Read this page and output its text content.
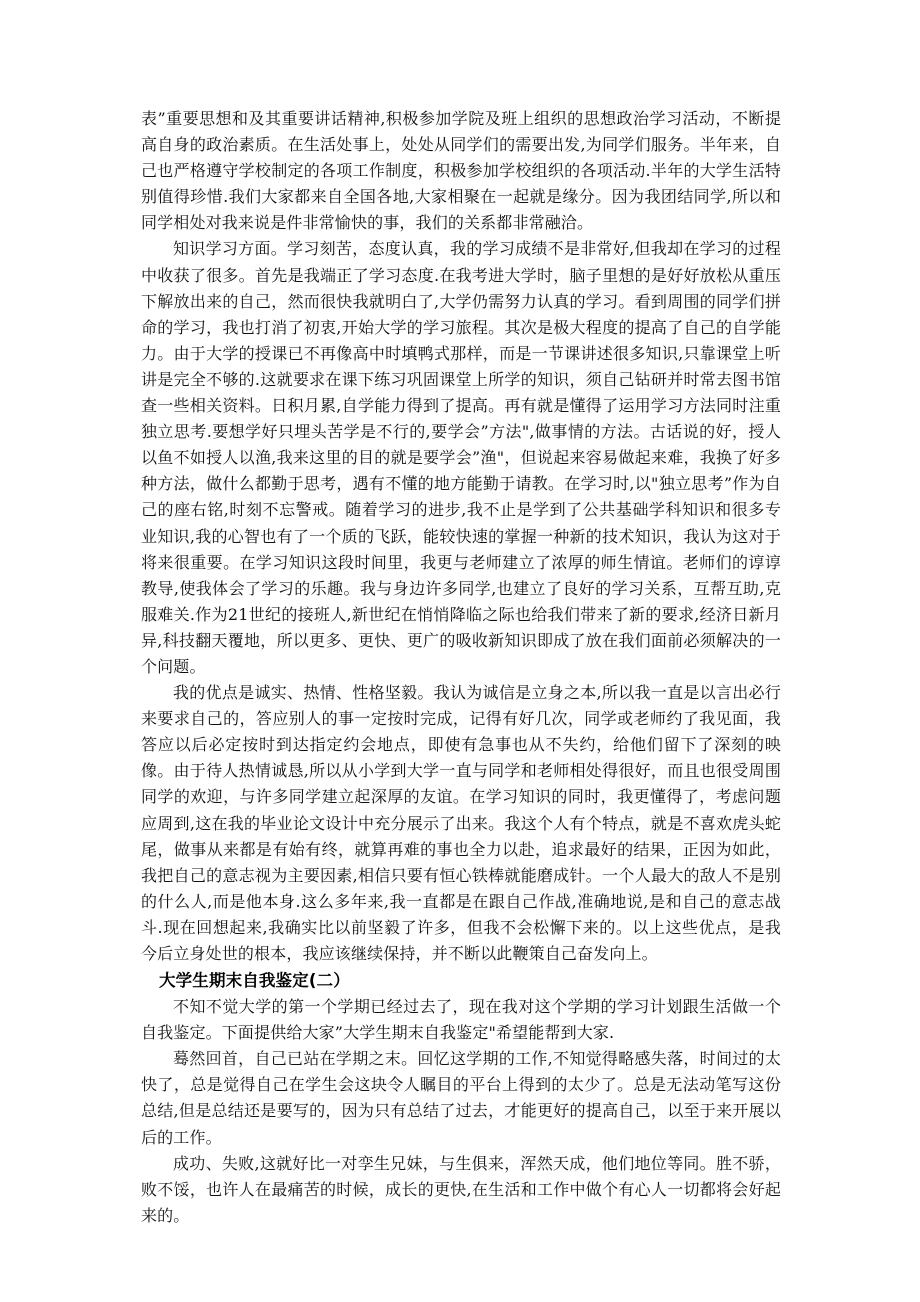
表”重要思想和及其重要讲话精神,积极参加学院及班上组织的思想政治学习活动，不断提高自身的政治素质。在生活处事上，处处从同学们的需要出发,为同学们服务。半年来，自己也严格遵守学校制定的各项工作制度，积极参加学校组织的各项活动.半年的大学生活特别值得珍惜.我们大家都来自全国各地,大家相聚在一起就是缘分。因为我团结同学,所以和同学相处对我来说是件非常愉快的事，我们的关系都非常融洽。

知识学习方面。学习刻苦，态度认真，我的学习成绩不是非常好,但我却在学习的过程中收获了很多。首先是我端正了学习态度.在我考进大学时，脑子里想的是好好放松从重压下解放出来的自己，然而很快我就明白了,大学仍需努力认真的学习。看到周围的同学们拼命的学习，我也打消了初衷,开始大学的学习旅程。其次是极大程度的提高了自己的自学能力。由于大学的授课已不再像高中时填鸭式那样，而是一节课讲述很多知识,只靠课堂上听讲是完全不够的.这就要求在课下练习巩固课堂上所学的知识，须自己钻研并时常去图书馆查一些相关资料。日积月累,自学能力得到了提高。再有就是懂得了运用学习方法同时注重独立思考.要想学好只埋头苦学是不行的,要学会”方法",做事情的方法。古话说的好，授人以鱼不如授人以渔,我来这里的目的就是要学会”渔"，但说起来容易做起来难，我换了好多种方法，做什么都勤于思考，遇有不懂的地方能勤于请教。在学习时,以"独立思考”作为自己的座右铭,时刻不忘警戒。随着学习的进步,我不止是学到了公共基础学科知识和很多专业知识,我的心智也有了一个质的飞跃，能较快速的掌握一种新的技术知识，我认为这对于将来很重要。在学习知识这段时间里，我更与老师建立了浓厚的师生情谊。老师们的谆谆教导,使我体会了学习的乐趣。我与身边许多同学,也建立了良好的学习关系，互帮互助,克服难关.作为21世纪的接班人,新世纪在悄悄降临之际也给我们带来了新的要求,经济日新月异,科技翻天覆地，所以更多、更快、更广的吸收新知识即成了放在我们面前必须解决的一个问题。

我的优点是诚实、热情、性格坚毅。我认为诚信是立身之本,所以我一直是以言出必行来要求自己的，答应别人的事一定按时完成，记得有好几次，同学或老师约了我见面，我答应以后必定按时到达指定约会地点，即使有急事也从不失约，给他们留下了深刻的映像。由于待人热情诚恳,所以从小学到大学一直与同学和老师相处得很好，而且也很受周围同学的欢迎，与许多同学建立起深厚的友谊。在学习知识的同时，我更懂得了，考虑问题应周到,这在我的毕业论文设计中充分展示了出来。我这个人有个特点，就是不喜欢虎头蛇尾，做事从来都是有始有终，就算再难的事也全力以赴，追求最好的结果，正因为如此，我把自己的意志视为主要因素,相信只要有恒心铁棒就能磨成针。一个人最大的敌人不是别的什么人,而是他本身.这么多年来,我一直都是在跟自己作战,准确地说,是和自己的意志战斗.现在回想起来,我确实比以前坚毅了许多，但我不会松懈下来的。以上这些优点，是我今后立身处世的根本，我应该继续保持，并不断以此鞭策自己奋发向上。

大学生期末自我鉴定(二）

不知不觉大学的第一个学期已经过去了，现在我对这个学期的学习计划跟生活做一个自我鉴定。下面提供给大家”大学生期末自我鉴定"希望能帮到大家.

蓦然回首，自己已站在学期之末。回忆这学期的工作,不知觉得略感失落，时间过的太快了，总是觉得自己在学生会这块令人瞩目的平台上得到的太少了。总是无法动笔写这份总结,但是总结还是要写的，因为只有总结了过去，才能更好的提高自己，以至于来开展以后的工作。

成功、失败,这就好比一对孪生兄妹，与生俱来，浑然天成，他们地位等同。胜不骄，败不馁，也许人在最痛苦的时候，成长的更快,在生活和工作中做个有心人一切都将会好起来的。
